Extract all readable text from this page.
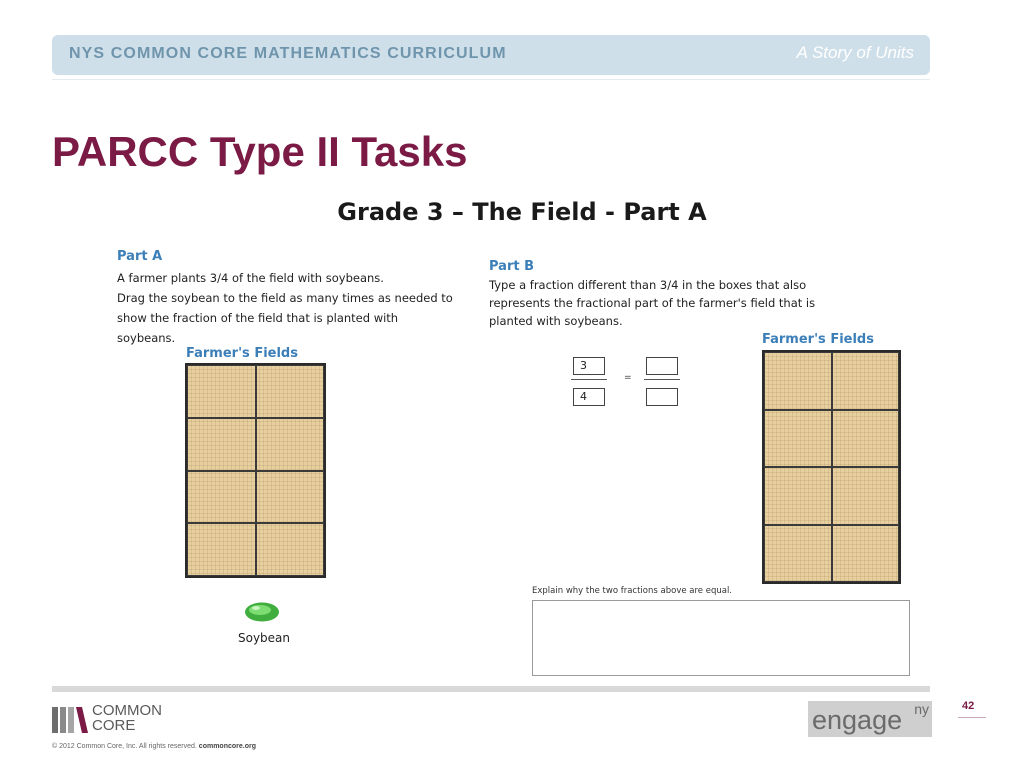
NYS COMMON CORE MATHEMATICS CURRICULUM	A Story of Units
PARCC Type II Tasks
Grade 3 – The Field - Part A
Part A
A farmer plants 3/4 of the field with soybeans.
Drag the soybean to the field as many times as needed to
show the fraction of the field that is planted with
soybeans.
Farmer's Fields
Soybean
Part B
Type a fraction different than 3/4 in the boxes that also
represents the fractional part of the farmer's field that is
planted with soybeans.
3
4
=
Farmer's Fields
Explain why the two fractions above are equal.
COMMON
CORE
© 2012 Common Core, Inc. All rights reserved. commoncore.org
engage ny	42
